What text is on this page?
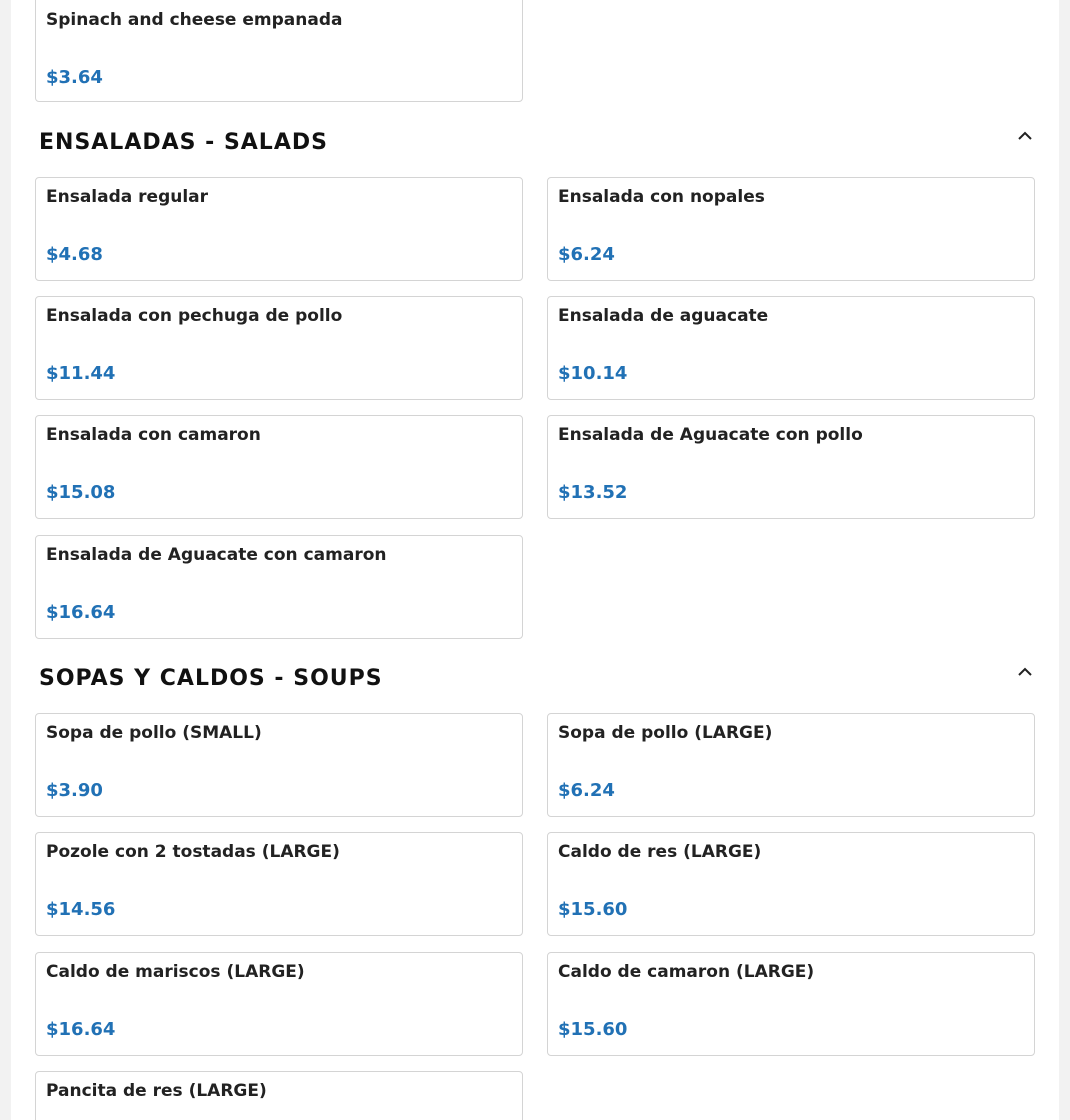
Spinach and cheese empanada
$3.64
ENSALADAS - SALADS
Ensalada regular
$4.68
Ensalada con nopales
$6.24
Ensalada con pechuga de pollo
$11.44
Ensalada de aguacate
$10.14
Ensalada con camaron
$15.08
Ensalada de Aguacate con pollo
$13.52
Ensalada de Aguacate con camaron
$16.64
SOPAS Y CALDOS - SOUPS
Sopa de pollo (SMALL)
$3.90
Sopa de pollo (LARGE)
$6.24
Pozole con 2 tostadas (LARGE)
$14.56
Caldo de res (LARGE)
$15.60
Caldo de mariscos (LARGE)
$16.64
Caldo de camaron (LARGE)
$15.60
Pancita de res (LARGE)
